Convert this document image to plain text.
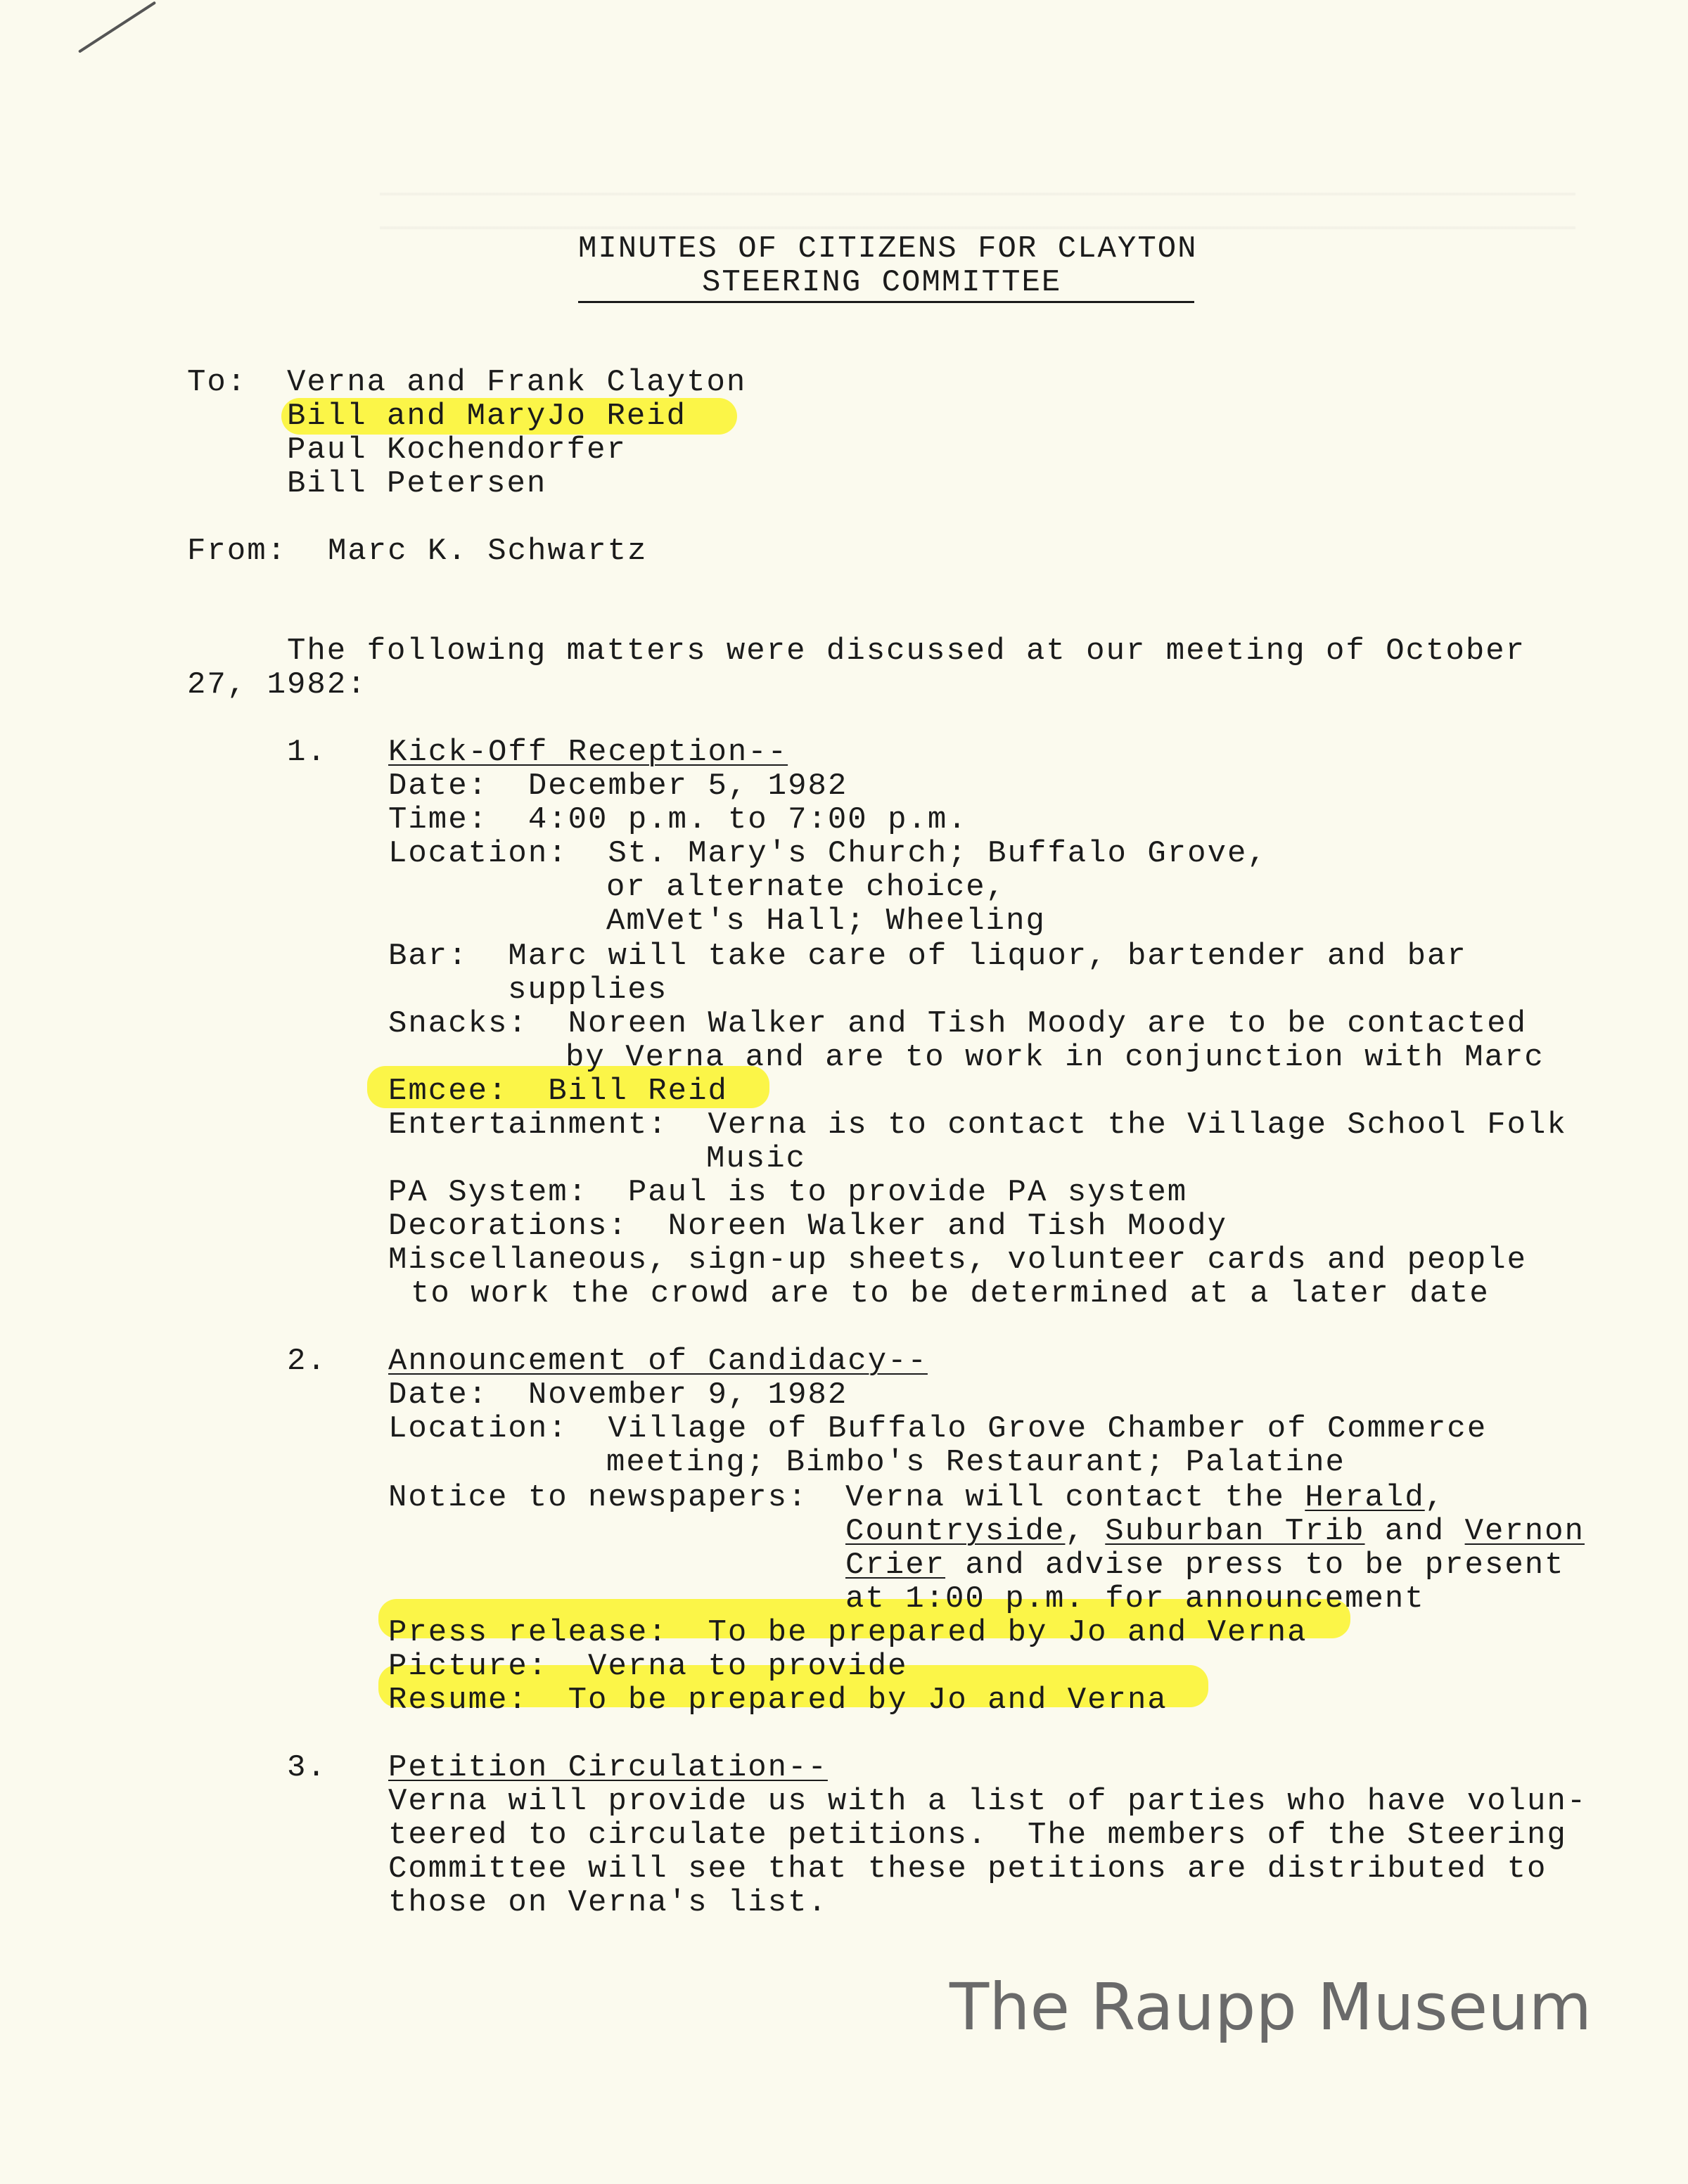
MINUTES OF CITIZENS FOR CLAYTON
STEERING COMMITTEE
To: Verna and Frank Clayton
Bill and MaryJo Reid
Paul Kochendorfer
Bill Petersen
From: Marc K. Schwartz
The following matters were discussed at our meeting of October
27, 1982:
1. Kick-Off Reception--
Date:  December 5, 1982
Time:  4:00 p.m. to 7:00 p.m.
Location:  St. Mary's Church; Buffalo Grove,
or alternate choice,
AmVet's Hall; Wheeling
Bar:  Marc will take care of liquor, bartender and bar
supplies
Snacks:  Noreen Walker and Tish Moody are to be contacted
by Verna and are to work in conjunction with Marc
Emcee:  Bill Reid
Entertainment:  Verna is to contact the Village School Folk
Music
PA System:  Paul is to provide PA system
Decorations:  Noreen Walker and Tish Moody
Miscellaneous, sign-up sheets, volunteer cards and people
to work the crowd are to be determined at a later date
2. Announcement of Candidacy--
Date:  November 9, 1982
Location:  Village of Buffalo Grove Chamber of Commerce
meeting; Bimbo's Restaurant; Palatine
Notice to newspapers: Verna will contact the Herald,
Countryside, Suburban Trib and Vernon
Crier and advise press to be present
at 1:00 p.m. for announcement
Press release:  To be prepared by Jo and Verna
Picture:  Verna to provide
Resume:  To be prepared by Jo and Verna
3. Petition Circulation--
Verna will provide us with a list of parties who have volun-
teered to circulate petitions.  The members of the Steering
Committee will see that these petitions are distributed to
those on Verna's list.
The Raupp Museum
